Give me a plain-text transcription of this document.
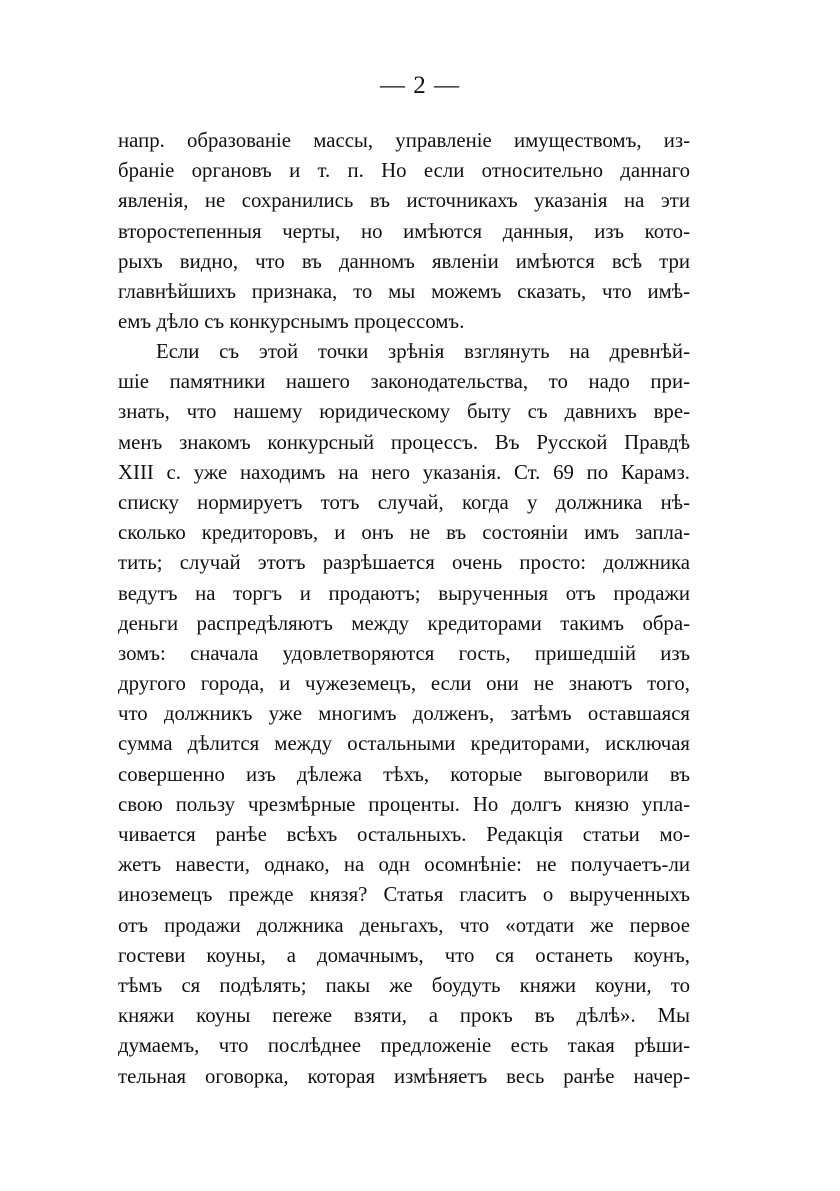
— 2 —
напр. образованіе массы, управленіе имуществомъ, из-
браніе органовъ и т. п. Но если относительно даннаго
явленія, не сохранились въ источникахъ указанія на эти
второстепенныя черты, но имѣются данныя, изъ кото-
рыхъ видно, что въ данномъ явленіи имѣются всѣ три
главнѣйшихъ признака, то мы можемъ сказать, что имѣ-
емъ дѣло съ конкурснымъ процессомъ.
Если съ этой точки зрѣнія взглянуть на древнѣй-
шіе памятники нашего законодательства, то надо при-
знать, что нашему юридическому быту съ давнихъ вре-
менъ знакомъ конкурсный процессъ. Въ Русской Правдѣ
XIII с. уже находимъ на него указанія. Ст. 69 по Карамз.
списку нормируетъ тотъ случай, когда у должника нѣ-
сколько кредиторовъ, и онъ не въ состояніи имъ запла-
тить; случай этотъ разрѣшается очень просто: должника
ведутъ на торгъ и продаютъ; вырученныя отъ продажи
деньги распредѣляютъ между кредиторами такимъ обра-
зомъ: сначала удовлетворяются гость, пришедшій изъ
другого города, и чужеземецъ, если они не знаютъ того,
что должникъ уже многимъ долженъ, затѣмъ оставшаяся
сумма дѣлится между остальными кредиторами, исключая
совершенно изъ дѣлежа тѣхъ, которые выговорили въ
свою пользу чрезмѣрные проценты. Но долгъ князю упла-
чивается ранѣе всѣхъ остальныхъ. Редакція статьи мо-
жетъ навести, однако, на одн осомнѣніе: не получаетъ-ли
иноземецъ прежде князя? Статья гласитъ о вырученныхъ
отъ продажи должника деньгахъ, что «отдати же первое
гостеви коуны, а домачнымъ, что ся останеть коунъ,
тѣмъ ся подѣлять; пакы же боудуть княжи коуни, то
княжи коуны пereже взяти, а прокъ въ дѣлѣ». Мы
думаемъ, что послѣднее предложеніе есть такая рѣши-
тельная оговорка, которая измѣняетъ весь ранѣе начер-
